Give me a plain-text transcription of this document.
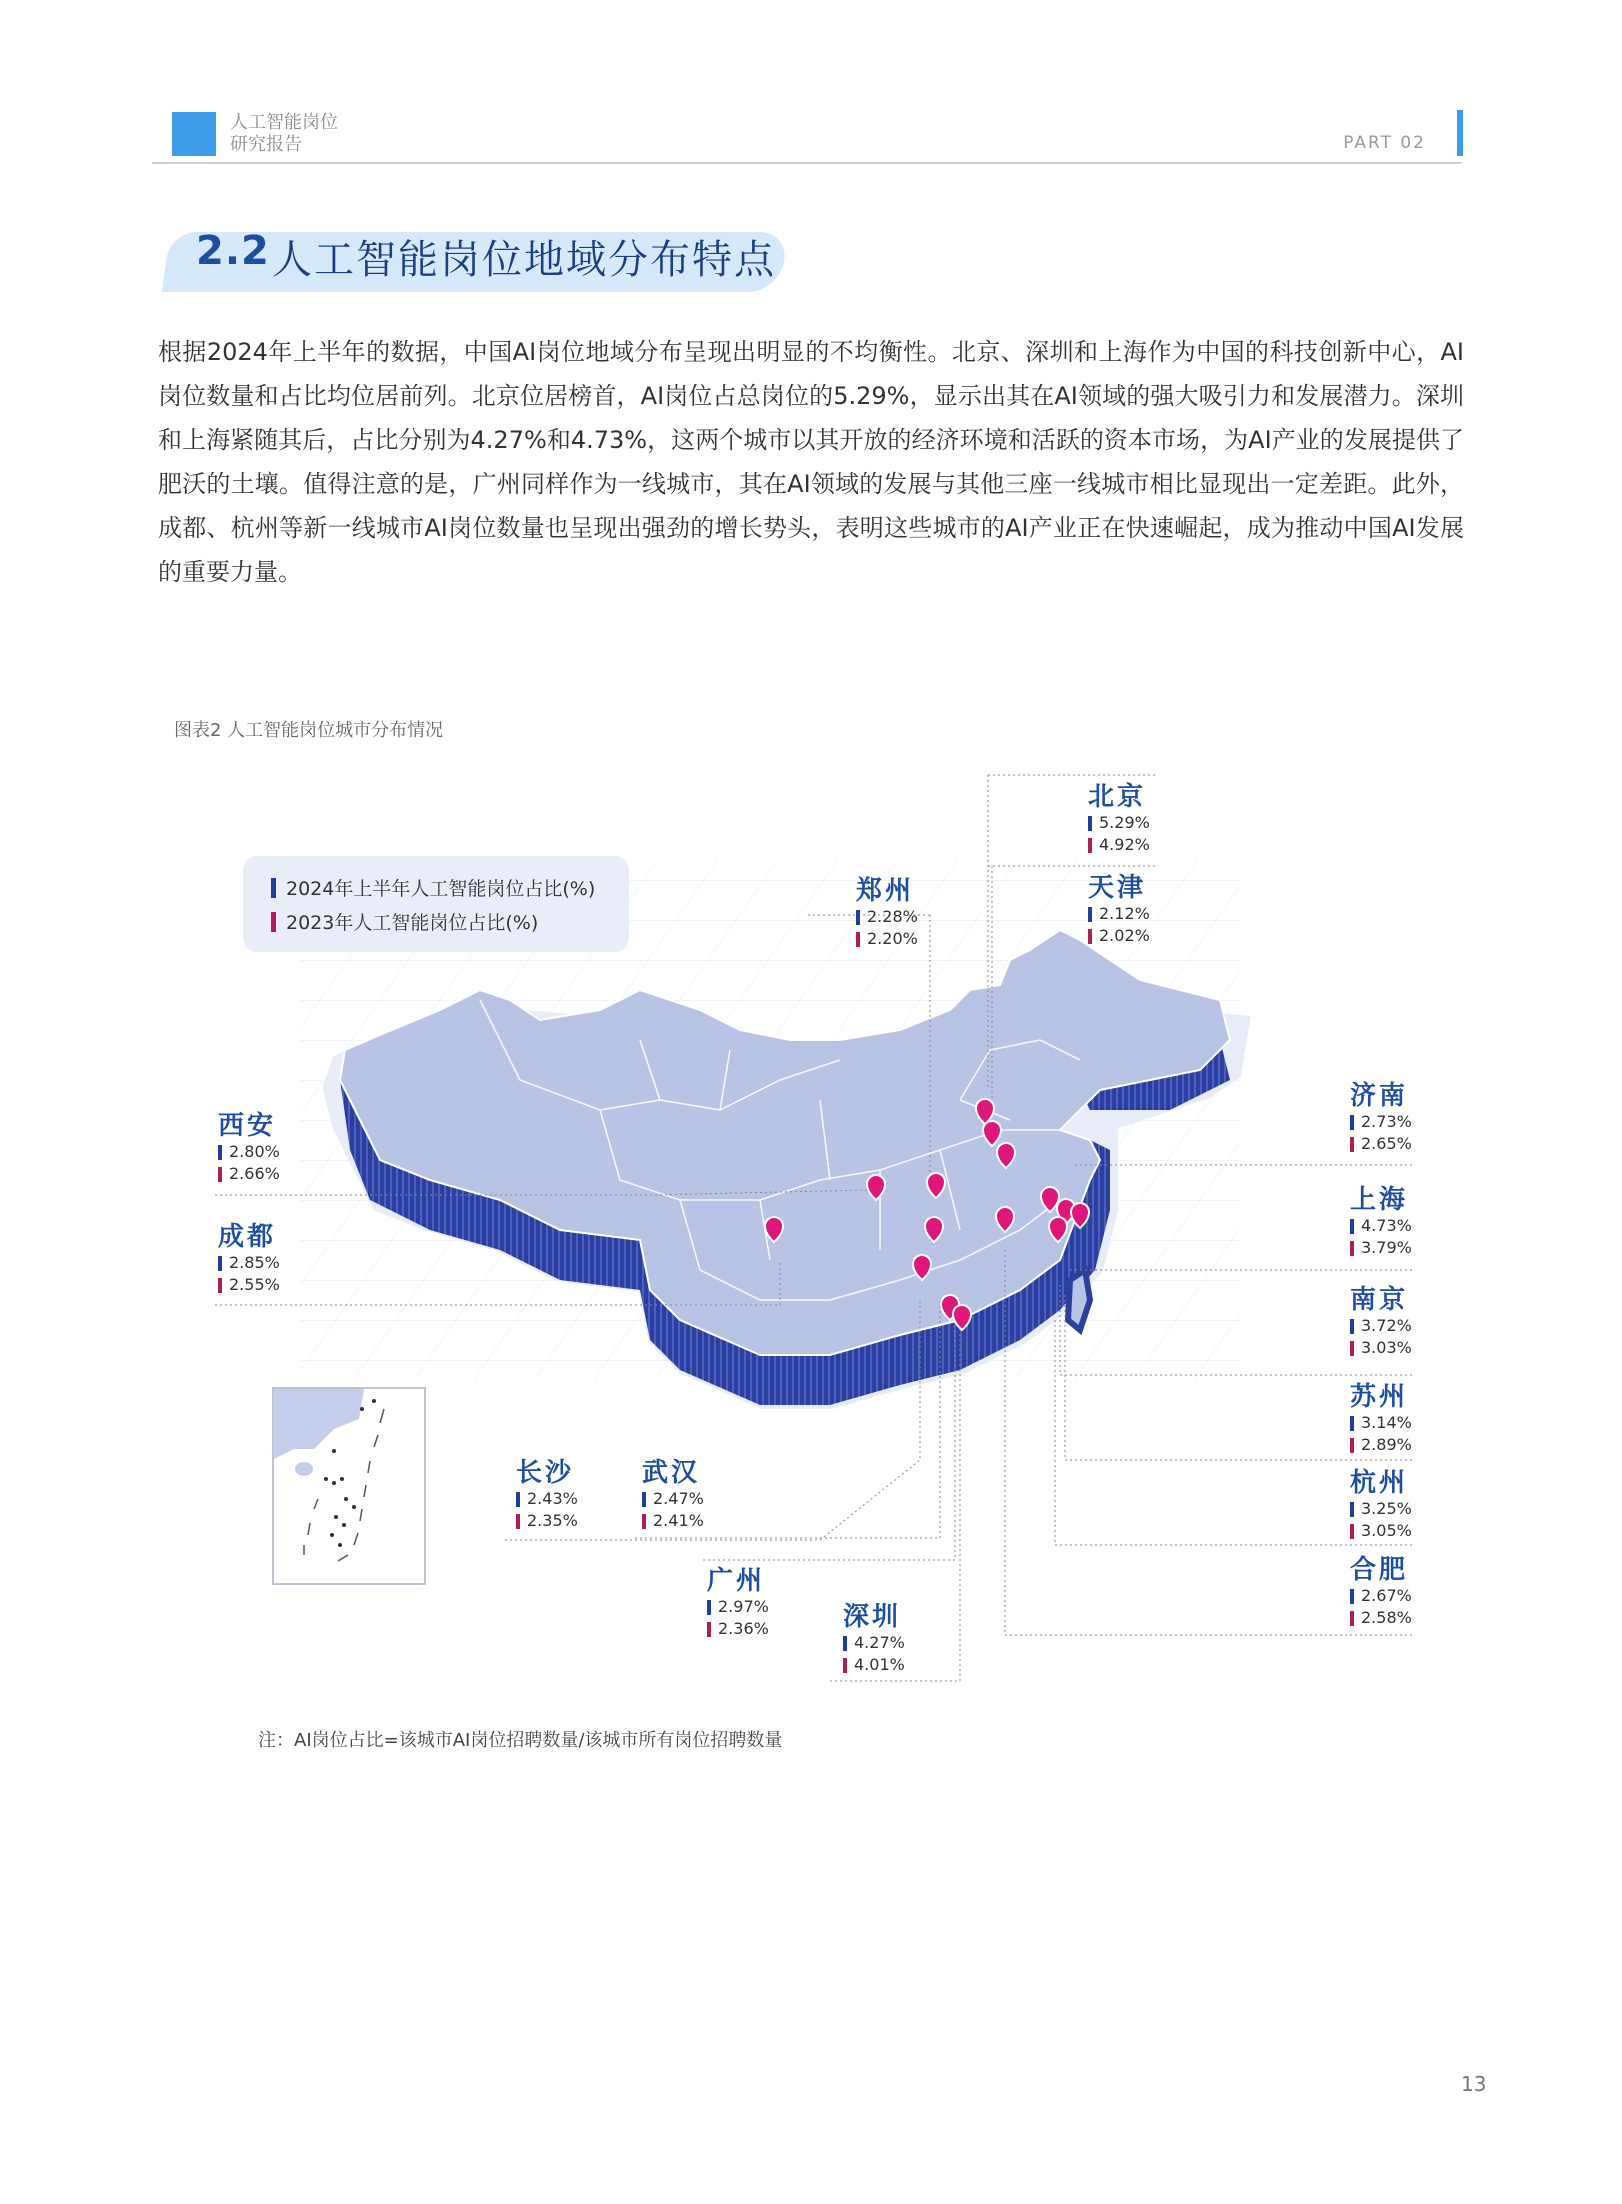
人工智能岗位
研究报告	PART 02
2.2 人工智能岗位地域分布特点
根据2024年上半年的数据，中国AI岗位地域分布呈现出明显的不均衡性。北京、深圳和上海作为中国的科技创新中心，AI岗位数量和占比均位居前列。北京位居榜首，AI岗位占总岗位的5.29%，显示出其在AI领域的强大吸引力和发展潜力。深圳和上海紧随其后，占比分别为4.27%和4.73%，这两个城市以其开放的经济环境和活跃的资本市场，为AI产业的发展提供了肥沃的土壤。值得注意的是，广州同样作为一线城市，其在AI领域的发展与其他三座一线城市相比显现出一定差距。此外，成都、杭州等新一线城市AI岗位数量也呈现出强劲的增长势头，表明这些城市的AI产业正在快速崛起，成为推动中国AI发展的重要力量。
图表2 人工智能岗位城市分布情况
2024年上半年人工智能岗位占比(%)
2023年人工智能岗位占比(%)
北京
5.29%
4.92%
天津
2.12%
2.02%
郑州
2.28%
2.20%
西安
2.80%
2.66%
成都
2.85%
2.55%
济南
2.73%
2.65%
上海
4.73%
3.79%
南京
3.72%
3.03%
苏州
3.14%
2.89%
杭州
3.25%
3.05%
合肥
2.67%
2.58%
长沙
2.43%
2.35%
武汉
2.47%
2.41%
广州
2.97%
2.36%	深圳
4.27%
4.01%
注：AI岗位占比=该城市AI岗位招聘数量/该城市所有岗位招聘数量
13
